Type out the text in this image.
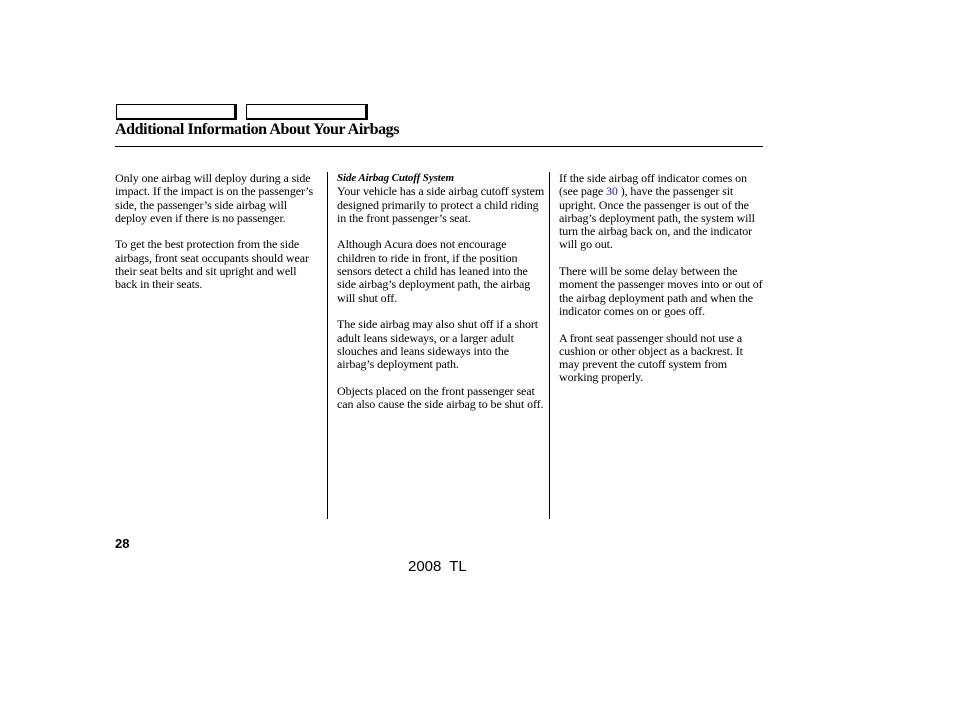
Additional Information About Your Airbags

Only one airbag will deploy during a side impact. If the impact is on the passenger’s side, the passenger’s side airbag will deploy even if there is no passenger.

To get the best protection from the side airbags, front seat occupants should wear their seat belts and sit upright and well back in their seats.

Side Airbag Cutoff System
Your vehicle has a side airbag cutoff system designed primarily to protect a child riding in the front passenger’s seat.

Although Acura does not encourage children to ride in front, if the position sensors detect a child has leaned into the side airbag’s deployment path, the airbag will shut off.

The side airbag may also shut off if a short adult leans sideways, or a larger adult slouches and leans sideways into the airbag’s deployment path.

Objects placed on the front passenger seat can also cause the side airbag to be shut off.

If the side airbag off indicator comes on (see page 30 ), have the passenger sit upright. Once the passenger is out of the airbag’s deployment path, the system will turn the airbag back on, and the indicator will go out.

There will be some delay between the moment the passenger moves into or out of the airbag deployment path and when the indicator comes on or goes off.

A front seat passenger should not use a cushion or other object as a backrest. It may prevent the cutoff system from working properly.

28
2008 TL
